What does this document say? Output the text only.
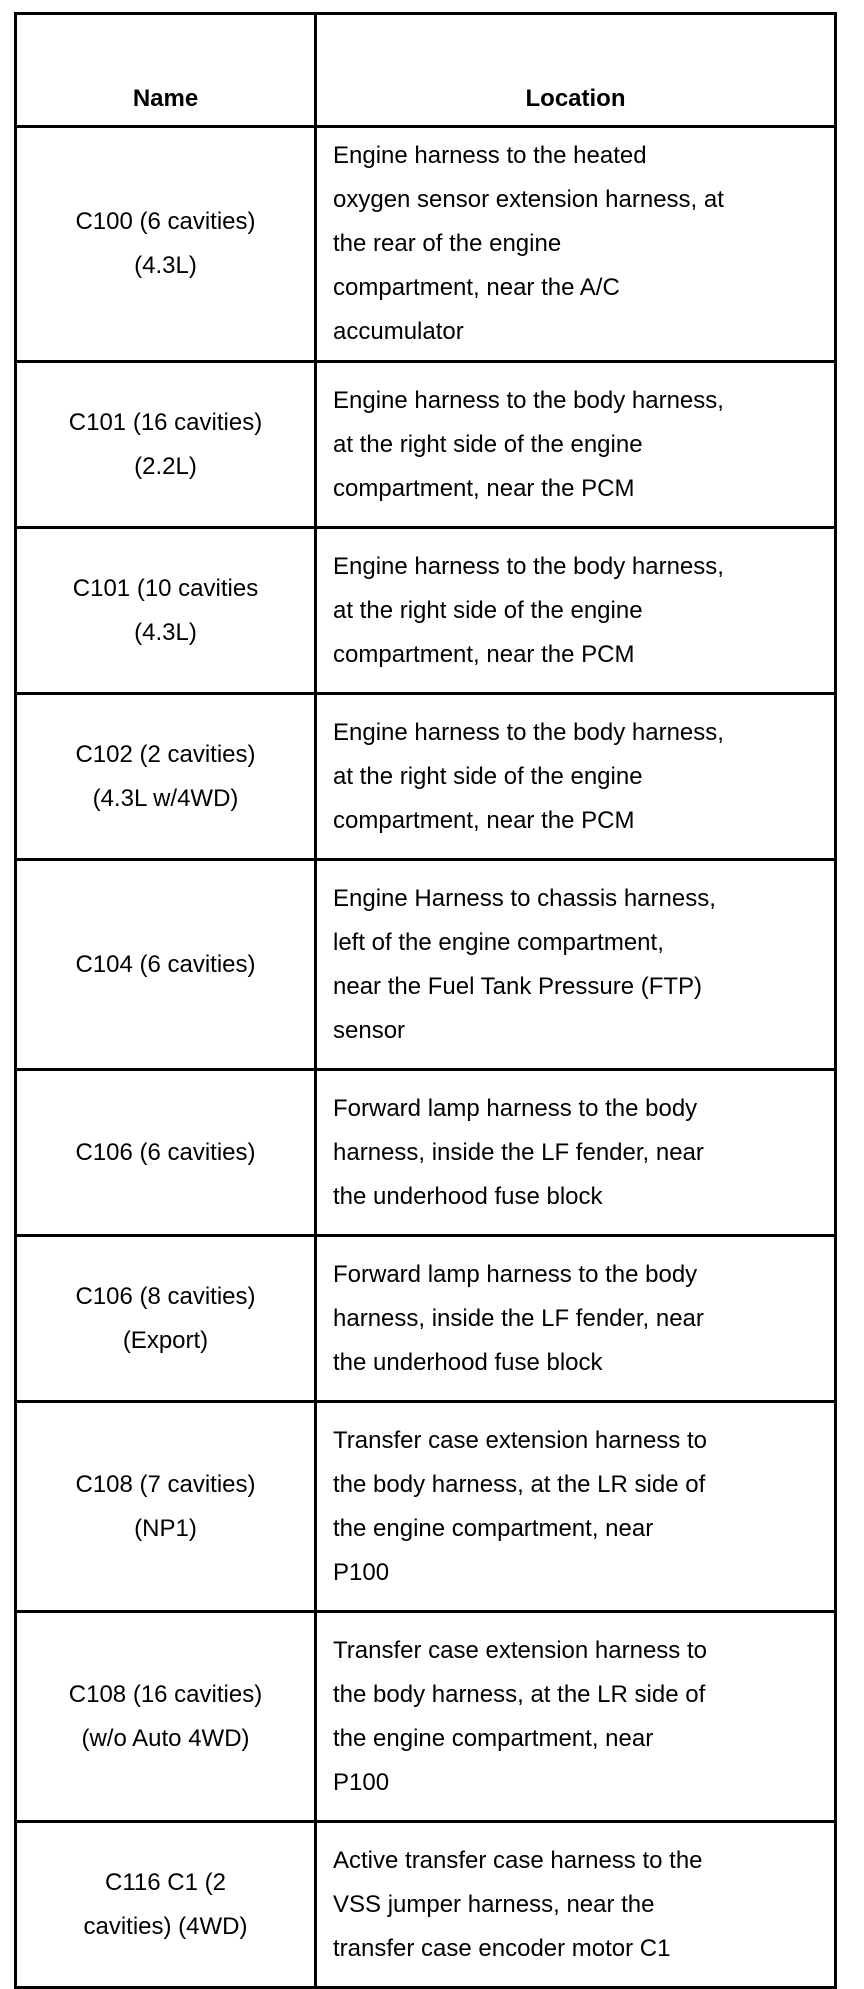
Name	Location

C100 (6 cavities)
(4.3L)	Engine harness to the heated
oxygen sensor extension harness, at
the rear of the engine
compartment, near the A/C
accumulator

C101 (16 cavities)
(2.2L)	Engine harness to the body harness,
at the right side of the engine
compartment, near the PCM

C101 (10 cavities
(4.3L)	Engine harness to the body harness,
at the right side of the engine
compartment, near the PCM

C102 (2 cavities)
(4.3L w/4WD)	Engine harness to the body harness,
at the right side of the engine
compartment, near the PCM

C104 (6 cavities)	Engine Harness to chassis harness,
left of the engine compartment,
near the Fuel Tank Pressure (FTP)
sensor

C106 (6 cavities)	Forward lamp harness to the body
harness, inside the LF fender, near
the underhood fuse block

C106 (8 cavities)
(Export)	Forward lamp harness to the body
harness, inside the LF fender, near
the underhood fuse block

C108 (7 cavities)
(NP1)	Transfer case extension harness to
the body harness, at the LR side of
the engine compartment, near
P100

C108 (16 cavities)
(w/o Auto 4WD)	Transfer case extension harness to
the body harness, at the LR side of
the engine compartment, near
P100

C116 C1 (2
cavities) (4WD)	Active transfer case harness to the
VSS jumper harness, near the
transfer case encoder motor C1
